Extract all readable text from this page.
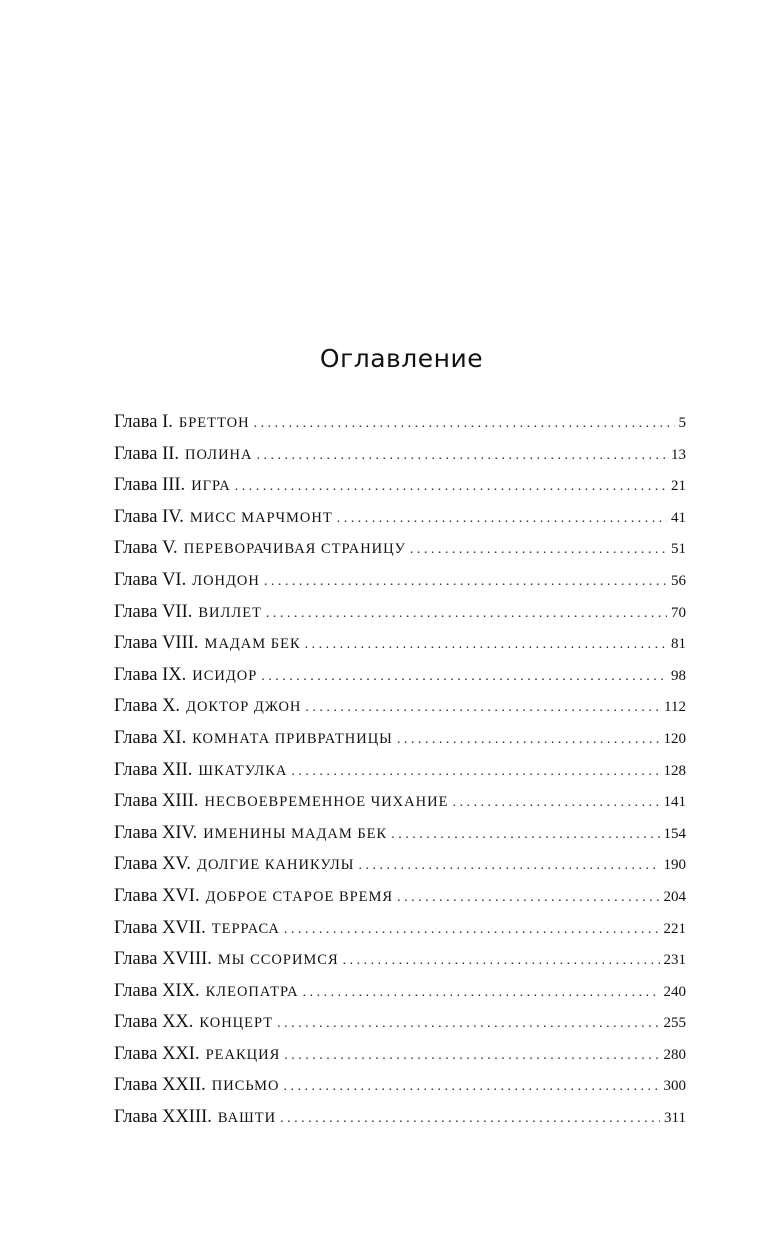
Оглавление
Глава I. БРЕТТОН . . .	5
Глава II. ПОЛИНА . . .	13
Глава III. ИГРА . . .	21
Глава IV. МИСС МАРЧМОНТ . . .	41
Глава V. ПЕРЕВОРАЧИВАЯ СТРАНИЦУ . . .	51
Глава VI. ЛОНДОН . . .	56
Глава VII. ВИЛЛЕТ . . .	70
Глава VIII. МАДАМ БЕК . . .	81
Глава IX. ИСИДОР . . .	98
Глава X. ДОКТОР ДЖОН . . .	112
Глава XI. КОМНАТА ПРИВРАТНИЦЫ . . .	120
Глава XII. ШКАТУЛКА . . .	128
Глава XIII. НЕСВОЕВРЕМЕННОЕ ЧИХАНИЕ . . .	141
Глава XIV. ИМЕНИНЫ МАДАМ БЕК . . .	154
Глава XV. ДОЛГИЕ КАНИКУЛЫ . . .	190
Глава XVI. ДОБРОЕ СТАРОЕ ВРЕМЯ . . .	204
Глава XVII. ТЕРРАСА . . .	221
Глава XVIII. МЫ ССОРИМСЯ . . .	231
Глава XIX. КЛЕОПАТРА . . .	240
Глава XX. КОНЦЕРТ . . .	255
Глава XXI. РЕАКЦИЯ . . .	280
Глава XXII. ПИСЬМО . . .	300
Глава XXIII. ВАШТИ . . .	311
